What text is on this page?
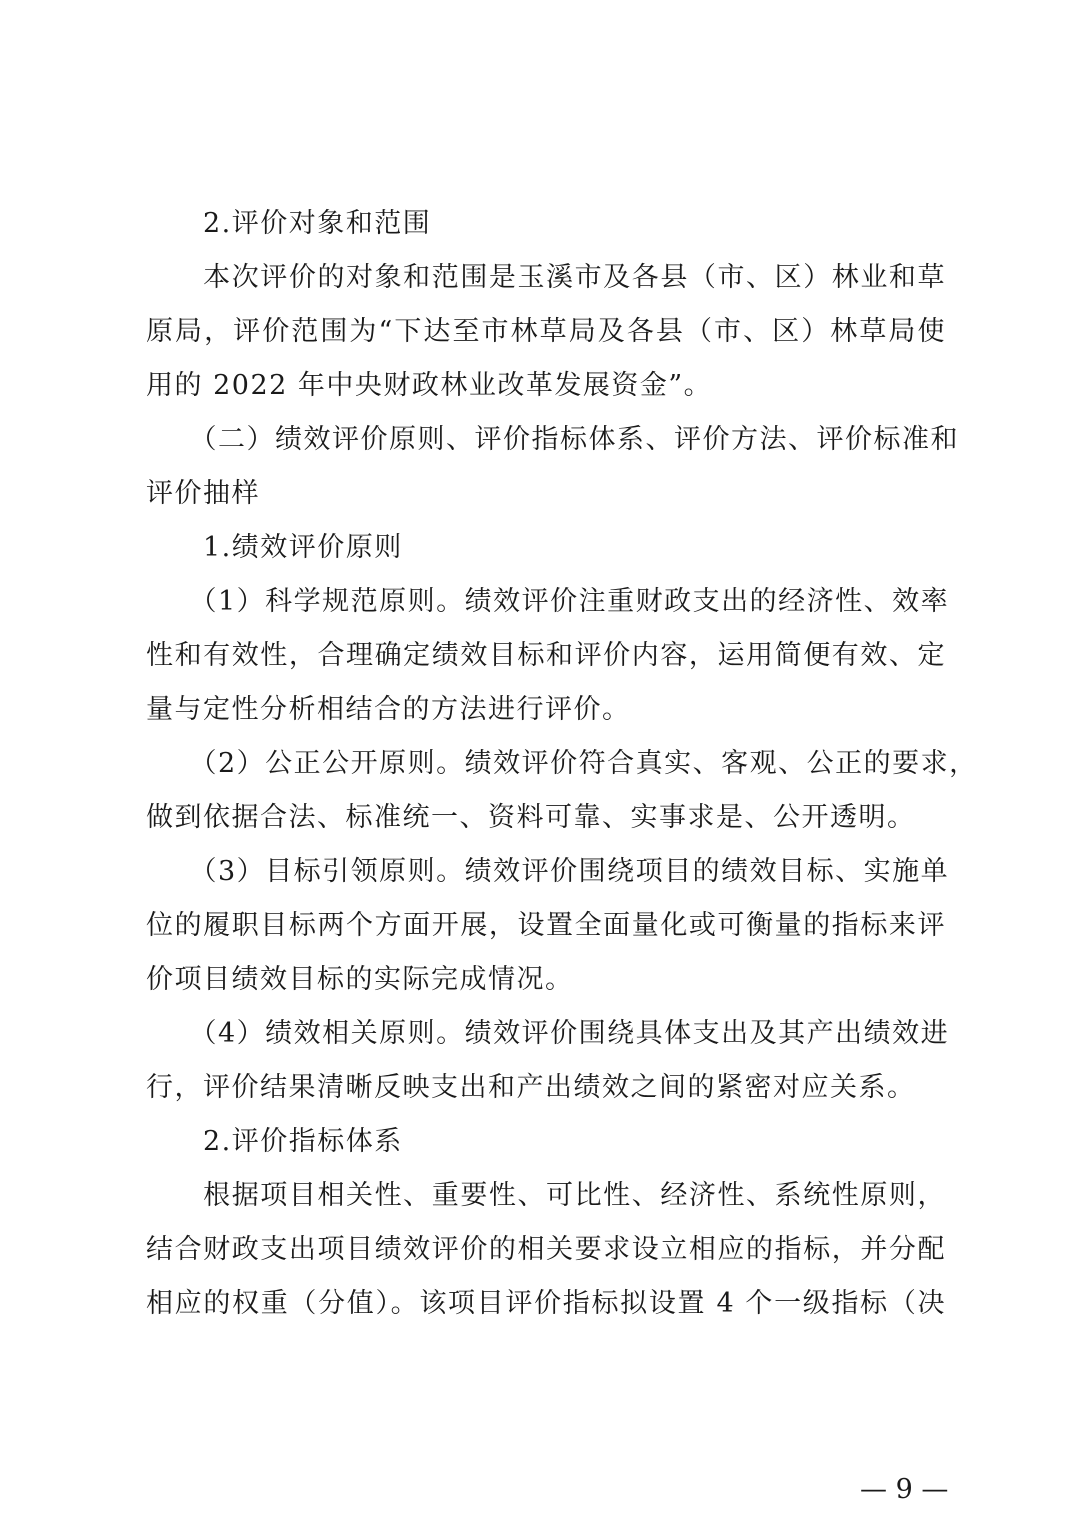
　　2.评价对象和范围
　　本次评价的对象和范围是玉溪市及各县（市、区）林业和草
原局，评价范围为“下达至市林草局及各县（市、区）林草局使
用的 2022 年中央财政林业改革发展资金”。
　　（二）绩效评价原则、评价指标体系、评价方法、评价标准和
评价抽样
　　1.绩效评价原则
　　（1）科学规范原则。绩效评价注重财政支出的经济性、效率
性和有效性，合理确定绩效目标和评价内容，运用简便有效、定
量与定性分析相结合的方法进行评价。
　　（2）公正公开原则。绩效评价符合真实、客观、公正的要求，
做到依据合法、标准统一、资料可靠、实事求是、公开透明。
　　（3）目标引领原则。绩效评价围绕项目的绩效目标、实施单
位的履职目标两个方面开展，设置全面量化或可衡量的指标来评
价项目绩效目标的实际完成情况。
　　（4）绩效相关原则。绩效评价围绕具体支出及其产出绩效进
行，评价结果清晰反映支出和产出绩效之间的紧密对应关系。
　　2.评价指标体系
　　根据项目相关性、重要性、可比性、经济性、系统性原则，
结合财政支出项目绩效评价的相关要求设立相应的指标，并分配
相应的权重（分值）。该项目评价指标拟设置 4 个一级指标（决
— 9 —
